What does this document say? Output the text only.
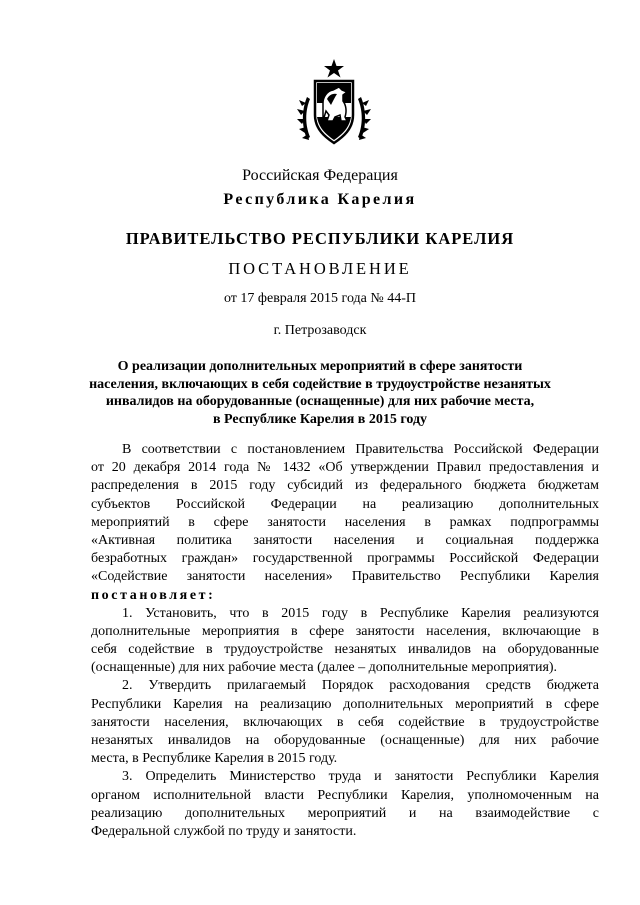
Российская Федерация
Республика Карелия
ПРАВИТЕЛЬСТВО РЕСПУБЛИКИ КАРЕЛИЯ
ПОСТАНОВЛЕНИЕ
от 17 февраля 2015 года № 44-П
г. Петрозаводск
О реализации дополнительных мероприятий в сфере занятости
населения, включающих в себя содействие в трудоустройстве незанятых
инвалидов на оборудованные (оснащенные) для них рабочие места,
в Республике Карелия в 2015 году
В соответствии с постановлением Правительства Российской Федерации
от 20 декабря 2014 года № 1432 «Об утверждении Правил предоставления и
распределения в 2015 году субсидий из федерального бюджета бюджетам
субъектов Российской Федерации на реализацию дополнительных
мероприятий в сфере занятости населения в рамках подпрограммы
«Активная политика занятости населения и социальная поддержка
безработных граждан» государственной программы Российской Федерации
«Содействие занятости населения» Правительство Республики Карелия
постановляет:
1. Установить, что в 2015 году в Республике Карелия реализуются
дополнительные мероприятия в сфере занятости населения, включающие в
себя содействие в трудоустройстве незанятых инвалидов на оборудованные
(оснащенные) для них рабочие места (далее – дополнительные мероприятия).
2. Утвердить прилагаемый Порядок расходования средств бюджета
Республики Карелия на реализацию дополнительных мероприятий в сфере
занятости населения, включающих в себя содействие в трудоустройстве
незанятых инвалидов на оборудованные (оснащенные) для них рабочие
места, в Республике Карелия в 2015 году.
3. Определить Министерство труда и занятости Республики Карелия
органом исполнительной власти Республики Карелия, уполномоченным на
реализацию дополнительных мероприятий и на взаимодействие с
Федеральной службой по труду и занятости.
